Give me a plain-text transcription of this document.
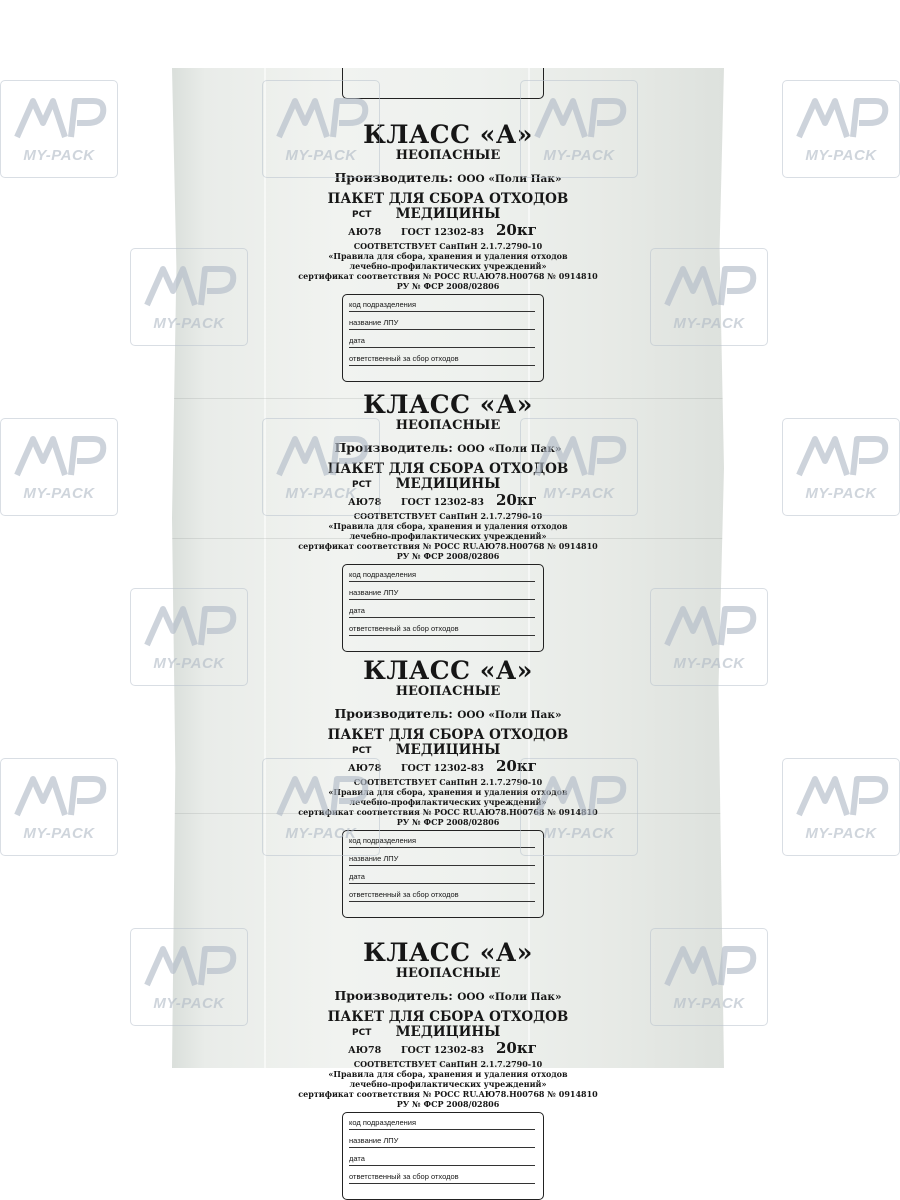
КЛАСС «А»
НЕОПАСНЫЕ
Производитель: ООО «Поли Пак»
ПАКЕТ ДЛЯ СБОРА ОТХОДОВ
МЕДИЦИНЫ
PCT
АЮ78 ГОСТ 12302-83 20кг
СООТВЕТСТВУЕТ СанПиН 2.1.7.2790-10
«Правила для сбора, хранения и удаления отходов
лечебно-профилактических учреждений»
сертификат соответствия № РОСС RU.АЮ78.Н00768 № 0914810
РУ № ФСР 2008/02806
код подразделения
название ЛПУ
дата
ответственный за сбор отходов
КЛАСС «А»
НЕОПАСНЫЕ
Производитель: ООО «Поли Пак»
ПАКЕТ ДЛЯ СБОРА ОТХОДОВ
МЕДИЦИНЫ
PCT
АЮ78 ГОСТ 12302-83 20кг
СООТВЕТСТВУЕТ СанПиН 2.1.7.2790-10
«Правила для сбора, хранения и удаления отходов
лечебно-профилактических учреждений»
сертификат соответствия № РОСС RU.АЮ78.Н00768 № 0914810
РУ № ФСР 2008/02806
код подразделения
название ЛПУ
дата
ответственный за сбор отходов
КЛАСС «А»
НЕОПАСНЫЕ
Производитель: ООО «Поли Пак»
ПАКЕТ ДЛЯ СБОРА ОТХОДОВ
МЕДИЦИНЫ
PCT
АЮ78 ГОСТ 12302-83 20кг
СООТВЕТСТВУЕТ СанПиН 2.1.7.2790-10
«Правила для сбора, хранения и удаления отходов
лечебно-профилактических учреждений»
сертификат соответствия № РОСС RU.АЮ78.Н00768 № 0914810
РУ № ФСР 2008/02806
код подразделения
название ЛПУ
дата
ответственный за сбор отходов
КЛАСС «А»
НЕОПАСНЫЕ
Производитель: ООО «Поли Пак»
ПАКЕТ ДЛЯ СБОРА ОТХОДОВ
МЕДИЦИНЫ
PCT
АЮ78 ГОСТ 12302-83 20кг
СООТВЕТСТВУЕТ СанПиН 2.1.7.2790-10
«Правила для сбора, хранения и удаления отходов
лечебно-профилактических учреждений»
сертификат соответствия № РОСС RU.АЮ78.Н00768 № 0914810
РУ № ФСР 2008/02806
код подразделения
название ЛПУ
дата
ответственный за сбор отходов
MY-PACK	MY-PACK	MY-PACK	MY-PACK
MY-PACK	MY-PACK
MY-PACK	MY-PACK	MY-PACK	MY-PACK
MY-PACK	MY-PACK
MY-PACK	MY-PACK	MY-PACK	MY-PACK
MY-PACK	MY-PACK
